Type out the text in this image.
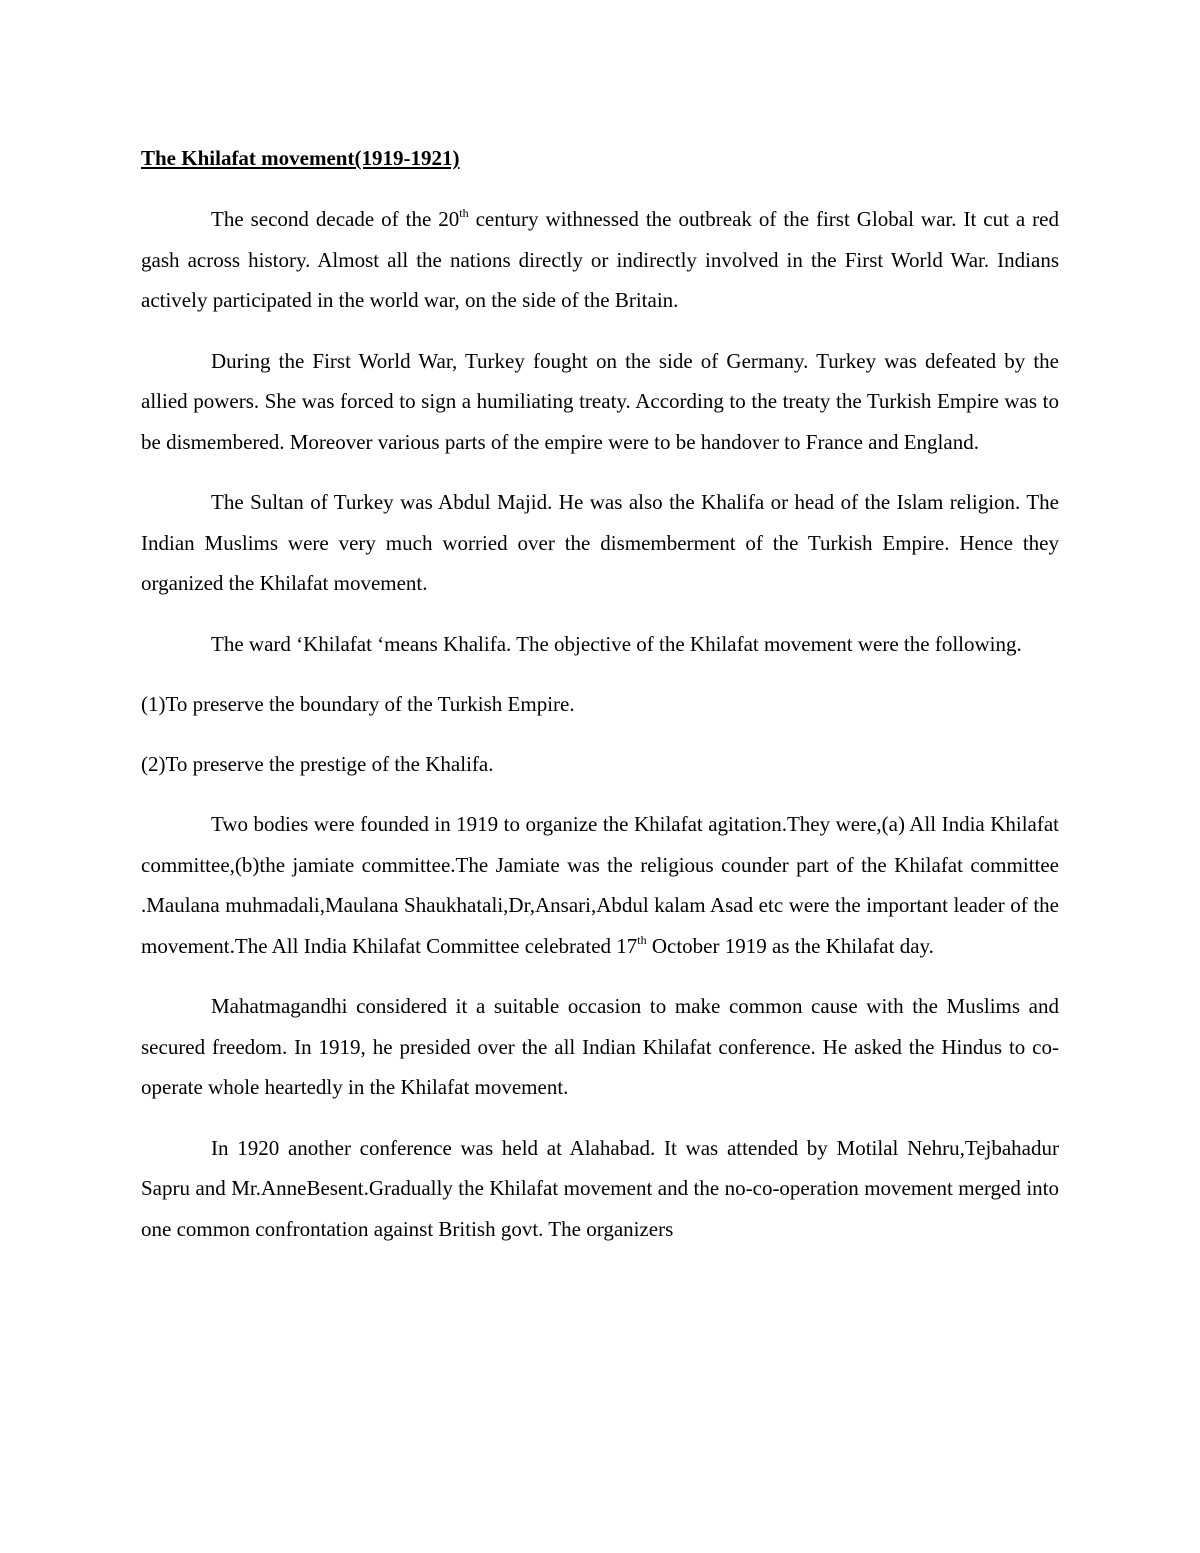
The Khilafat movement(1919-1921)

The second decade of the 20th century withnessed the outbreak of the first Global war. It cut a red gash across history. Almost all the nations directly or indirectly involved in the First World War. Indians actively participated in the world war, on the side of the Britain.

During the First World War, Turkey fought on the side of Germany. Turkey was defeated by the allied powers. She was forced to sign a humiliating treaty. According to the treaty the Turkish Empire was to be dismembered. Moreover various parts of the empire were to be handover to France and England.

The Sultan of Turkey was Abdul Majid. He was also the Khalifa or head of the Islam religion. The Indian Muslims were very much worried over the dismemberment of the Turkish Empire. Hence they organized the Khilafat movement.

The ward ‘Khilafat ‘means Khalifa. The objective of the Khilafat movement were the following.

(1)To preserve the boundary of the Turkish Empire.

(2)To preserve the prestige of the Khalifa.

Two bodies were founded in 1919 to organize the Khilafat agitation.They were,(a) All India Khilafat committee,(b)the jamiate committee.The Jamiate was the religious counder part of the Khilafat committee .Maulana muhmadali,Maulana Shaukhatali,Dr,Ansari,Abdul kalam Asad etc were the important leader of the movement.The All India Khilafat Committee celebrated 17th October 1919 as the Khilafat day.

Mahatmagandhi considered it a suitable occasion to make common cause with the Muslims and secured freedom. In 1919, he presided over the all Indian Khilafat conference. He asked the Hindus to co-operate whole heartedly in the Khilafat movement.

In 1920 another conference was held at Alahabad. It was attended by Motilal Nehru,Tejbahadur Sapru and Mr.AnneBesent.Gradually the Khilafat movement and the no-co-operation movement merged into one common confrontation against British govt. The organizers
